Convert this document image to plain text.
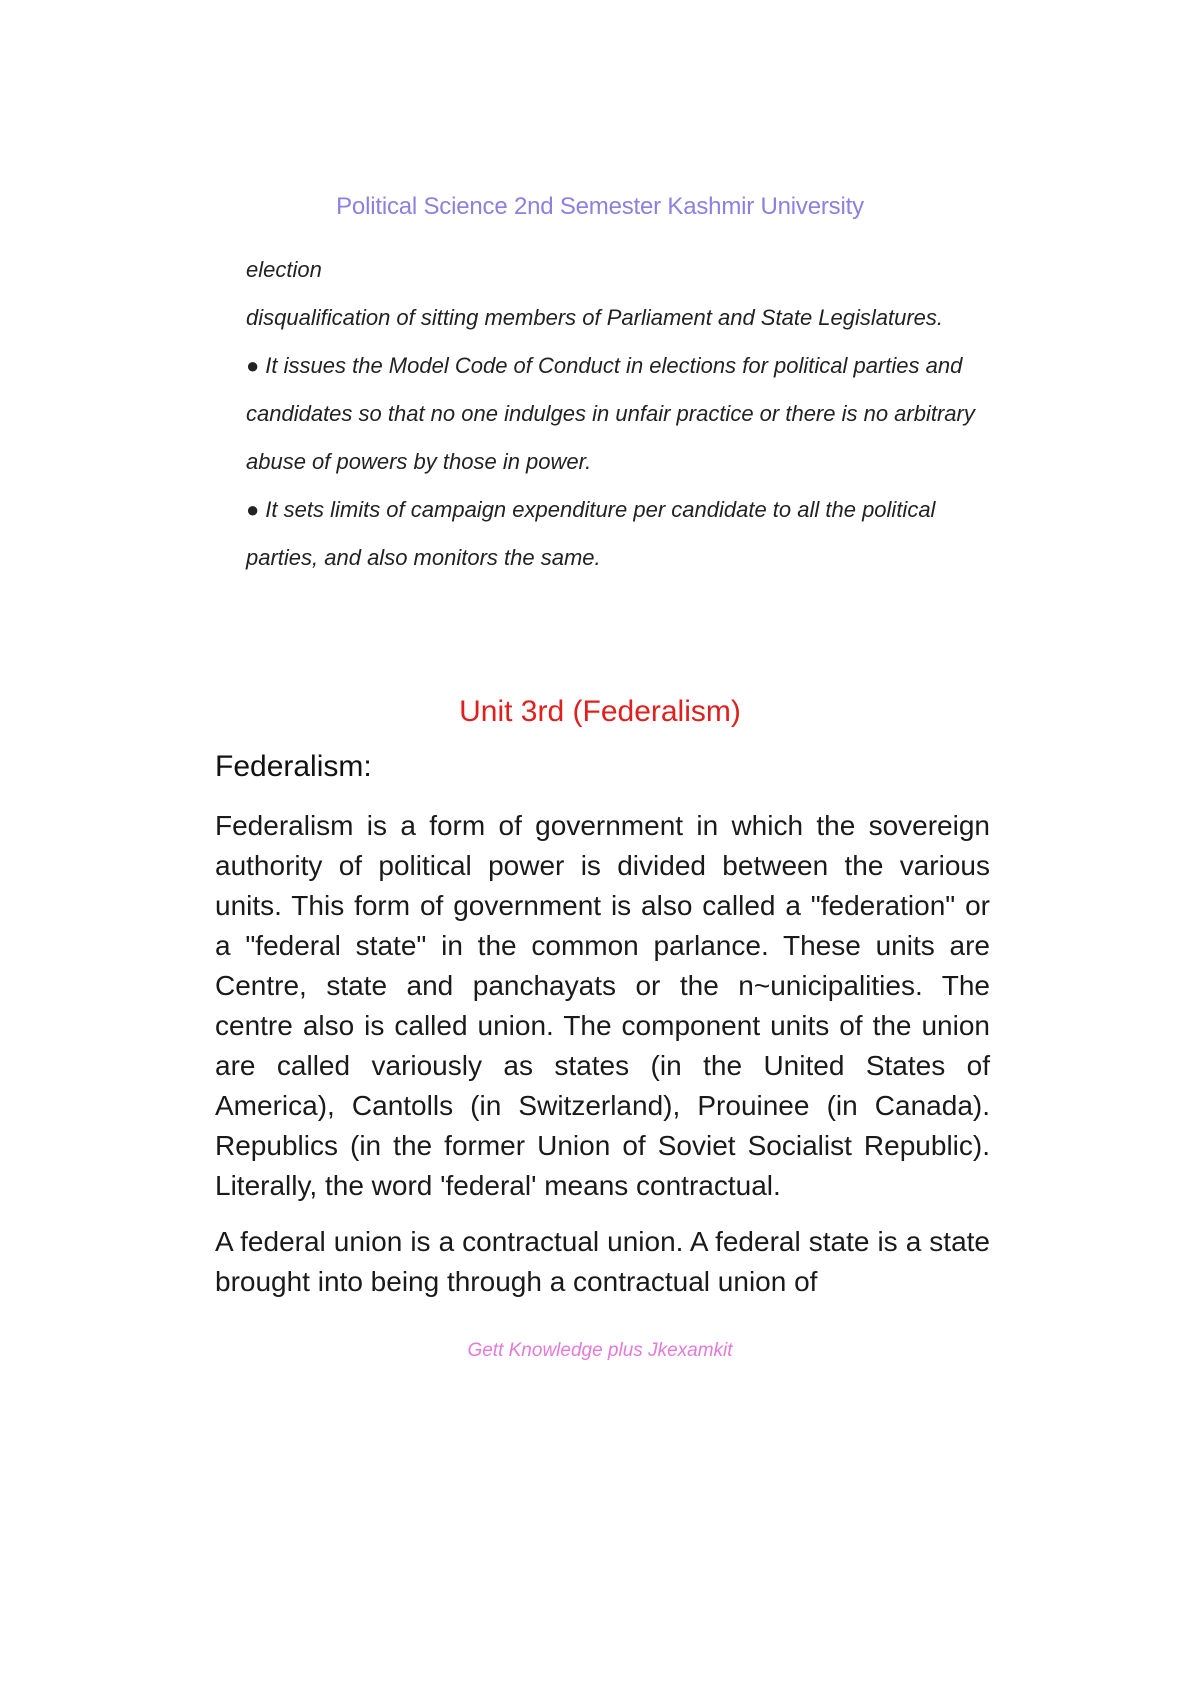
Political Science 2nd Semester Kashmir University

election

disqualification of sitting members of Parliament and State Legislatures.

● It issues the Model Code of Conduct in elections for political parties and

candidates so that no one indulges in unfair practice or there is no arbitrary

abuse of powers by those in power.

● It sets limits of campaign expenditure per candidate to all the political

parties, and also monitors the same.

Unit 3rd (Federalism)
Federalism:
Federalism is a form of government in which the sovereign authority of political power is divided between the various units. This form of government is also called a "federation" or a "federal state" in the common parlance. These units are Centre, state and panchayats or the n~unicipalities. The centre also is called union. The component units of the union are called variously as states (in the United States of America), Cantolls (in Switzerland), Prouinee (in Canada). Republics (in the former Union of Soviet Socialist Republic). Literally, the word 'federal' means contractual.
A federal union is a contractual union. A federal state is a state brought into being through a contractual union of
Gett Knowledge plus Jkexamkit
